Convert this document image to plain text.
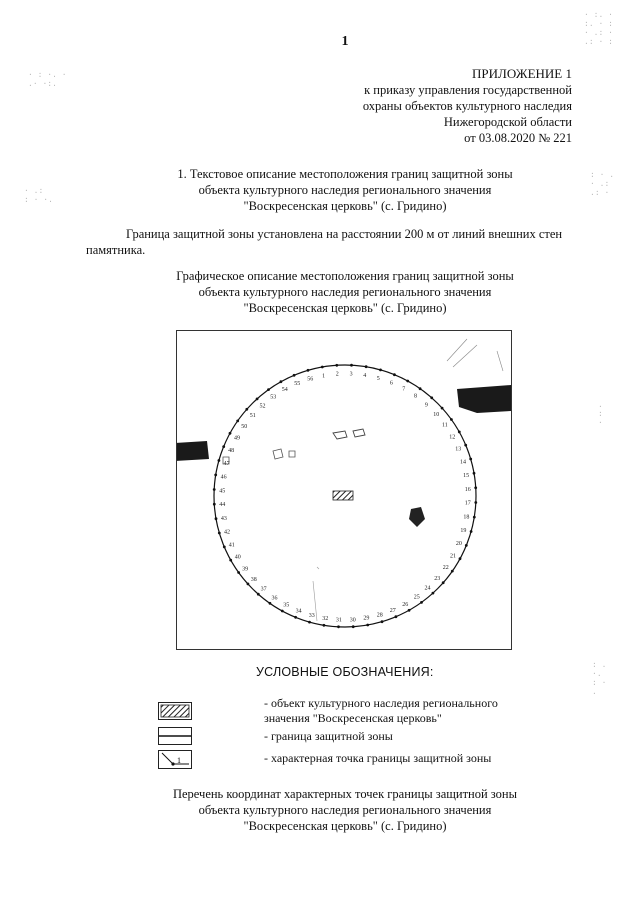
· : ·. ·
.· ·:.
· .:
: · ·.
· :. ·
:. · :
· .: ·
.: · :
: · .
· .:
.: ·
.
:
·
: .
·.
: ·
.
1
ПРИЛОЖЕНИЕ 1
к приказу управления государственной
охраны объектов культурного наследия
Нижегородской области
от 03.08.2020 № 221
1. Текстовое описание местоположения границ защитной зоны
объекта культурного наследия регионального значения
"Воскресенская церковь" (с. Гридино)
Граница защитной зоны установлена на расстоянии 200 м от линий внешних стен
памятника.
Графическое описание местоположения границ защитной зоны
объекта культурного наследия регионального значения
"Воскресенская церковь" (с. Гридино)
1 2 3 4 5
6
7
8
9
10
11
12
13
14
15
16
17
18
19
20
21
22
23
24
25
26
27
28
29
30
31
32
33
34
35
36
37
38
39
40
41
42
43
44
45
46
47
48
49
50
51
52
53
54
55
56
УСЛОВНЫЕ ОБОЗНАЧЕНИЯ:
- объект культурного наследия регионального
значения "Воскресенская церковь"
- граница защитной зоны
1	- характерная точка границы защитной зоны
Перечень координат характерных точек границы защитной зоны
объекта культурного наследия регионального значения
"Воскресенская церковь" (с. Гридино)
